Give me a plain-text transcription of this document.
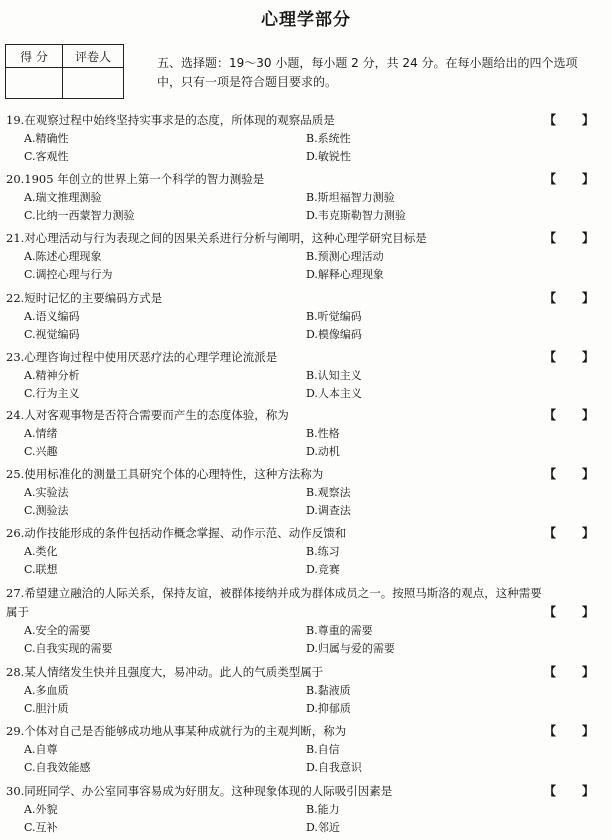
心理学部分
得 分	评卷人
		五、选择题：19～30 小题，每小题 2 分，共 24 分。在每小题给出的四个选项中，只有一项是符合题目要求的。
19.在观察过程中始终坚持实事求是的态度，所体现的观察品质是	【 】
A.精确性	B.系统性
C.客观性	D.敏锐性
20.1905 年创立的世界上第一个科学的智力测验是	【 】
A.瑞文推理测验	B.斯坦福智力测验
C.比纳一西蒙智力测验	D.韦克斯勒智力测验
21.对心理活动与行为表现之间的因果关系进行分析与阐明，这种心理学研究目标是	【 】
A.陈述心理现象	B.预测心理活动
C.调控心理与行为	D.解释心理现象
22.短时记忆的主要编码方式是	【 】
A.语义编码	B.听觉编码
C.视觉编码	D.模像编码
23.心理咨询过程中使用厌恶疗法的心理学理论流派是	【 】
A.精神分析	B.认知主义
C.行为主义	D.人本主义
24.人对客观事物是否符合需要而产生的态度体验，称为	【 】
A.情绪	B.性格
C.兴趣	D.动机
25.使用标准化的测量工具研究个体的心理特性，这种方法称为	【 】
A.实验法	B.观察法
C.测验法	D.调查法
26.动作技能形成的条件包括动作概念掌握、动作示范、动作反馈和	【 】
A.类化	B.练习
C.联想	D.竞赛
27.希望建立融洽的人际关系，保持友谊，被群体接纳并成为群体成员之一。按照马斯洛的观点，这种需要属于	【 】
A.安全的需要	B.尊重的需要
C.自我实现的需要	D.归属与爱的需要
28.某人情绪发生快并且强度大，易冲动。此人的气质类型属于	【 】
A.多血质	B.黏液质
C.胆汁质	D.抑郁质
29.个体对自己是否能够成功地从事某种成就行为的主观判断，称为	【 】
A.自尊	B.自信
C.自我效能感	D.自我意识
30.同班同学、办公室同事容易成为好朋友。这种现象体现的人际吸引因素是	【 】
A.外貌	B.能力
C.互补	D.邻近
